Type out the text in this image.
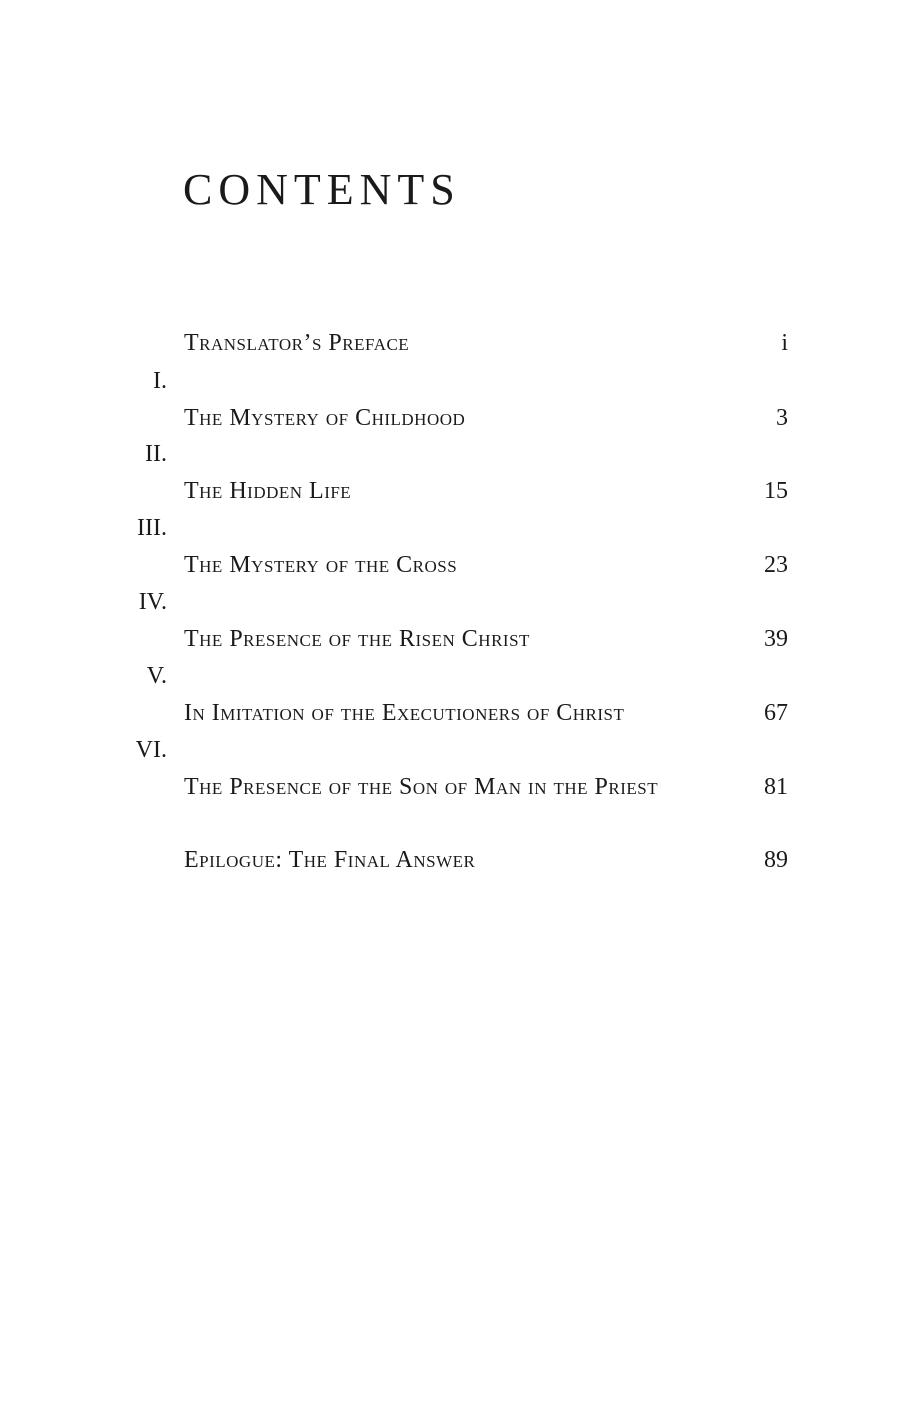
CONTENTS
Translator’s Preface	i
I.
The Mystery of Childhood	3
II.
The Hidden Life	15
III.
The Mystery of the Cross	23
IV.
The Presence of the Risen Christ	39
V.
In Imitation of the Executioners of Christ	67
VI.
The Presence of the Son of Man in the Priest	81
Epilogue: The Final Answer	89
